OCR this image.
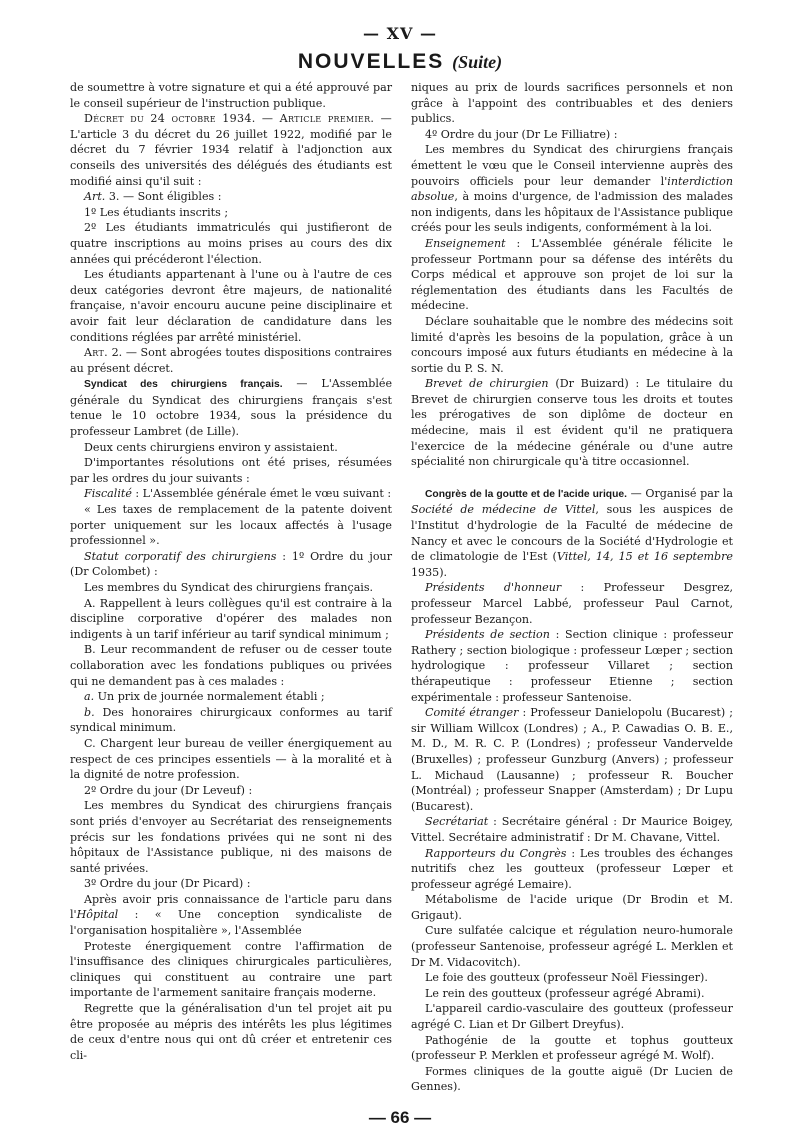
— XV —
NOUVELLES (Suite)

de soumettre à votre signature et qui a été approuvé par le conseil supérieur de l'instruction publique.

Décret du 24 octobre 1934. — Article premier. — L'article 3 du décret du 26 juillet 1922, modifié par le décret du 7 février 1934 relatif à l'adjonction aux conseils des universités des délégués des étudiants est modifié ainsi qu'il suit :

Art. 3. — Sont éligibles :

1º Les étudiants inscrits ;

2º Les étudiants immatriculés qui justifieront de quatre inscriptions au moins prises au cours des dix années qui précéderont l'élection.

Les étudiants appartenant à l'une ou à l'autre de ces deux catégories devront être majeurs, de nationalité française, n'avoir encouru aucune peine disciplinaire et avoir fait leur déclaration de candidature dans les conditions réglées par arrêté ministériel.

Art. 2. — Sont abrogées toutes dispositions contraires au présent décret.

Syndicat des chirurgiens français. — L'Assemblée générale du Syndicat des chirurgiens français s'est tenue le 10 octobre 1934, sous la présidence du professeur Lambret (de Lille).

Deux cents chirurgiens environ y assistaient.

D'importantes résolutions ont été prises, résumées par les ordres du jour suivants :

Fiscalité : L'Assemblée générale émet le vœu suivant :

« Les taxes de remplacement de la patente doivent porter uniquement sur les locaux affectés à l'usage professionnel ».

Statut corporatif des chirurgiens : 1º Ordre du jour (Dr Colombet) :

Les membres du Syndicat des chirurgiens français.

A. Rappellent à leurs collègues qu'il est contraire à la discipline corporative d'opérer des malades non indigents à un tarif inférieur au tarif syndical minimum ;

B. Leur recommandent de refuser ou de cesser toute collaboration avec les fondations publiques ou privées qui ne demandent pas à ces malades :

a. Un prix de journée normalement établi ;

b. Des honoraires chirurgicaux conformes au tarif syndical minimum.

C. Chargent leur bureau de veiller énergiquement au respect de ces principes essentiels — à la moralité et à la dignité de notre profession.

2º Ordre du jour (Dr Leveuf) :

Les membres du Syndicat des chirurgiens français sont priés d'envoyer au Secrétariat des renseignements précis sur les fondations privées qui ne sont ni des hôpitaux de l'Assistance publique, ni des maisons de santé privées.

3º Ordre du jour (Dr Picard) :

Après avoir pris connaissance de l'article paru dans l'Hôpital : « Une conception syndicaliste de l'organisation hospitalière », l'Assemblée

Proteste énergiquement contre l'affirmation de l'insuffisance des cliniques chirurgicales particulières, cliniques qui constituent au contraire une part importante de l'armement sanitaire français moderne.

Regrette que la généralisation d'un tel projet ait pu être proposée au mépris des intérêts les plus légitimes de ceux d'entre nous qui ont dû créer et entretenir ces cli-

niques au prix de lourds sacrifices personnels et non grâce à l'appoint des contribuables et des deniers publics.

4º Ordre du jour (Dr Le Filliatre) :

Les membres du Syndicat des chirurgiens français émettent le vœu que le Conseil intervienne auprès des pouvoirs officiels pour leur demander l'interdiction absolue, à moins d'urgence, de l'admission des malades non indigents, dans les hôpitaux de l'Assistance publique créés pour les seuls indigents, conformément à la loi.

Enseignement : L'Assemblée générale félicite le professeur Portmann pour sa défense des intérêts du Corps médical et approuve son projet de loi sur la réglementation des étudiants dans les Facultés de médecine.

Déclare souhaitable que le nombre des médecins soit limité d'après les besoins de la population, grâce à un concours imposé aux futurs étudiants en médecine à la sortie du P. S. N.

Brevet de chirurgien (Dr Buizard) : Le titulaire du Brevet de chirurgien conserve tous les droits et toutes les prérogatives de son diplôme de docteur en médecine, mais il est évident qu'il ne pratiquera l'exercice de la médecine générale ou d'une autre spécialité non chirurgicale qu'à titre occasionnel.

Congrès de la goutte et de l'acide urique. — Organisé par la Société de médecine de Vittel, sous les auspices de l'Institut d'hydrologie de la Faculté de médecine de Nancy et avec le concours de la Société d'Hydrologie et de climatologie de l'Est (Vittel, 14, 15 et 16 septembre 1935).

Présidents d'honneur : Professeur Desgrez, professeur Marcel Labbé, professeur Paul Carnot, professeur Bezançon.

Présidents de section : Section clinique : professeur Rathery ; section biologique : professeur Lœper ; section hydrologique : professeur Villaret ; section thérapeutique : professeur Etienne ; section expérimentale : professeur Santenoise.

Comité étranger : Professeur Danielopolu (Bucarest) ; sir William Willcox (Londres) ; A., P. Cawadias O. B. E., M. D., M. R. C. P. (Londres) ; professeur Vandervelde (Bruxelles) ; professeur Gunzburg (Anvers) ; professeur L. Michaud (Lausanne) ; professeur R. Boucher (Montréal) ; professeur Snapper (Amsterdam) ; Dr Lupu (Bucarest).

Secrétariat : Secrétaire général : Dr Maurice Boigey, Vittel. Secrétaire administratif : Dr M. Chavane, Vittel.

Rapporteurs du Congrès : Les troubles des échanges nutritifs chez les goutteux (professeur Lœper et professeur agrégé Lemaire).

Métabolisme de l'acide urique (Dr Brodin et M. Grigaut).

Cure sulfatée calcique et régulation neuro-humorale (professeur Santenoise, professeur agrégé L. Merklen et Dr M. Vidacovitch).

Le foie des goutteux (professeur Noël Fiessinger).

Le rein des goutteux (professeur agrégé Abrami).

L'appareil cardio-vasculaire des goutteux (professeur agrégé C. Lian et Dr Gilbert Dreyfus).

Pathogénie de la goutte et tophus goutteux (professeur P. Merklen et professeur agrégé M. Wolf).

Formes cliniques de la goutte aiguë (Dr Lucien de Gennes).

— 66 —
